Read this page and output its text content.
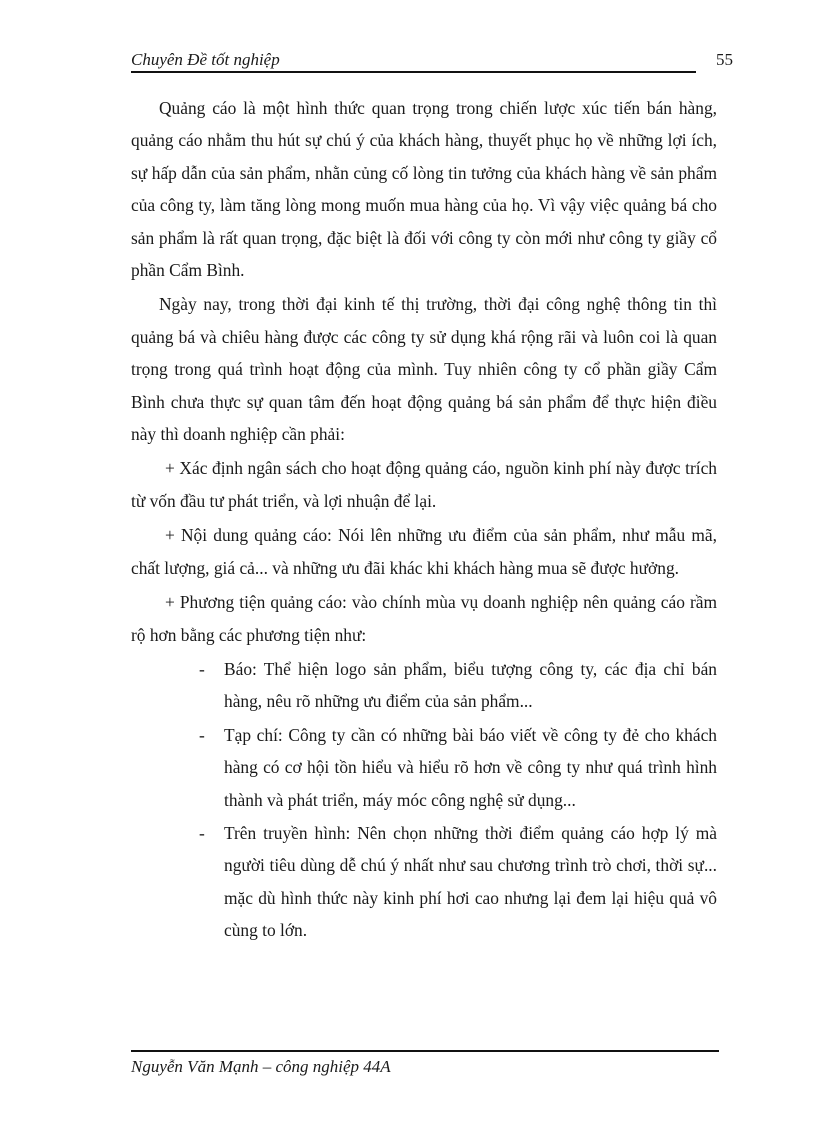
Chuyên Đề tốt nghiệp	55

Quảng cáo là một hình thức quan trọng trong chiến lược xúc tiến bán hàng, quảng cáo nhằm thu hút sự chú ý của khách hàng, thuyết phục họ về những lợi ích, sự hấp dẫn của sản phẩm, nhằn củng cố lòng tin tưởng của khách hàng về sản phẩm của công ty, làm tăng lòng mong muốn mua hàng của họ. Vì vậy việc quảng bá cho sản phẩm là rất quan trọng, đặc biệt là đối với công ty còn mới như công ty giầy cổ phần Cẩm Bình.

Ngày nay, trong thời đại kinh tế thị trường, thời đại công nghệ thông tin thì quảng bá và chiêu hàng được các công ty sử dụng khá rộng rãi và luôn coi là quan trọng trong quá trình hoạt động của mình. Tuy nhiên công ty cổ phần giầy Cẩm Bình chưa thực sự quan tâm đến hoạt động quảng bá sản phẩm để thực hiện điều này thì doanh nghiệp cần phải:

+ Xác định ngân sách cho hoạt động quảng cáo, nguồn kinh phí này được trích từ vốn đầu tư phát triển, và lợi nhuận để lại.

+ Nội dung quảng cáo: Nói lên những ưu điểm của sản phẩm, như mẫu mã, chất lượng, giá cả... và những ưu đãi khác khi khách hàng mua sẽ được hưởng.

+ Phương tiện quảng cáo: vào chính mùa vụ doanh nghiệp nên quảng cáo rầm rộ hơn bằng các phương tiện như:

- Báo: Thể hiện logo sản phẩm, biểu tượng công ty, các địa chỉ bán hàng, nêu rõ những ưu điểm của sản phẩm...
- Tạp chí: Công ty cần có những bài báo viết về công ty đẻ cho khách hàng có cơ hội tồn hiểu và hiểu rõ hơn về công ty như quá trình hình thành và phát triển, máy móc công nghệ sử dụng...
- Trên truyền hình: Nên chọn những thời điểm quảng cáo hợp lý mà người tiêu dùng dễ chú ý nhất như sau chương trình trò chơi, thời sự... mặc dù hình thức này kinh phí hơi cao nhưng lại đem lại hiệu quả vô cùng to lớn.
Nguyễn Văn Mạnh – công nghiệp 44A
